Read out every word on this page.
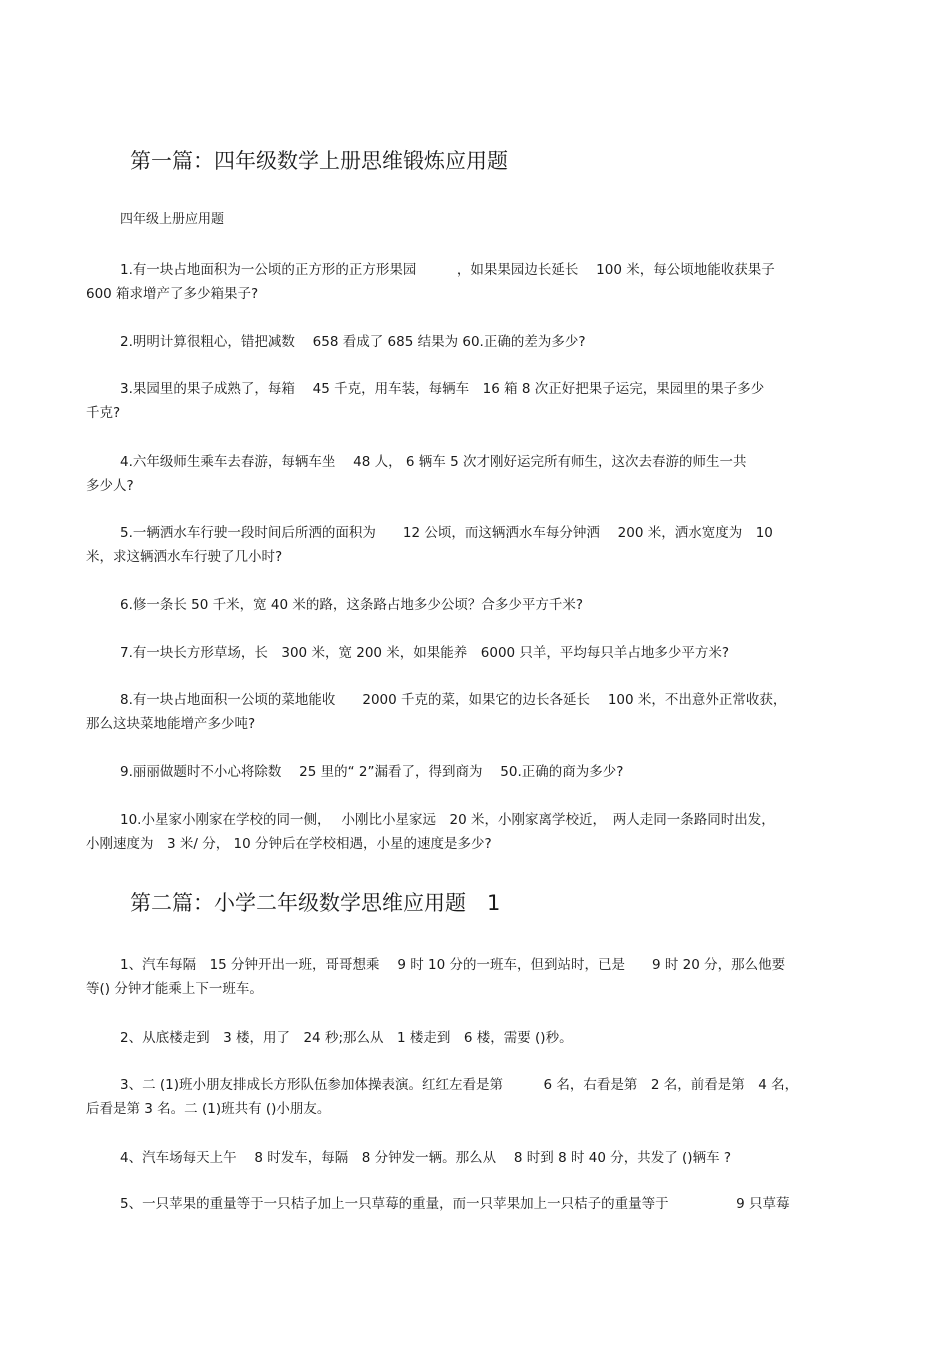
第一篇：四年级数学上册思维锻炼应用题
四年级上册应用题
1.有一块占地面积为一公顷的正方形的正方形果园　　　，如果果园边长延长　 100 米，每公顷地能收获果子
600 箱求增产了多少箱果子?
2.明明计算很粗心，错把减数　 658 看成了 685 结果为 60.正确的差为多少?
3.果园里的果子成熟了，每箱　 45 千克，用车装，每辆车　16 箱 8 次正好把果子运完，果园里的果子多少
千克?
4.六年级师生乘车去春游，每辆车坐　 48 人， 6 辆车 5 次才刚好运完所有师生，这次去春游的师生一共
多少人?
5.一辆洒水车行驶一段时间后所洒的面积为　　12 公顷，而这辆洒水车每分钟洒　 200 米，洒水宽度为　10
米，求这辆洒水车行驶了几小时?
6.修一条长 50 千米，宽 40 米的路，这条路占地多少公顷？合多少平方千米?
7.有一块长方形草场，长　300 米，宽 200 米，如果能养　6000 只羊，平均每只羊占地多少平方米?
8.有一块占地面积一公顷的菜地能收　　2000 千克的菜，如果它的边长各延长　 100 米，不出意外正常收获，
那么这块菜地能增产多少吨?
9.丽丽做题时不小心将除数　 25 里的“ 2”漏看了，得到商为　 50.正确的商为多少?
10.小星家小刚家在学校的同一侧，　 小刚比小星家远　20 米，小刚家离学校近，　两人走同一条路同时出发，
小刚速度为　3 米/ 分， 10 分钟后在学校相遇，小星的速度是多少?
第二篇：小学二年级数学思维应用题　1
1、汽车每隔　15 分钟开出一班，哥哥想乘　 9 时 10 分的一班车，但到站时，已是　　9 时 20 分，那么他要
等() 分钟才能乘上下一班车。
2、从底楼走到　3 楼，用了　24 秒;那么从　1 楼走到　6 楼，需要 ()秒。
3、二 (1)班小朋友排成长方形队伍参加体操表演。红红左看是第　　　6 名，右看是第　2 名，前看是第　4 名，
后看是第 3 名。二 (1)班共有 ()小朋友。
4、汽车场每天上午　 8 时发车，每隔　8 分钟发一辆。那么从　 8 时到 8 时 40 分，共发了 ()辆车 ?
5、一只苹果的重量等于一只桔子加上一只草莓的重量，而一只苹果加上一只桔子的重量等于　　　　　9 只草莓
